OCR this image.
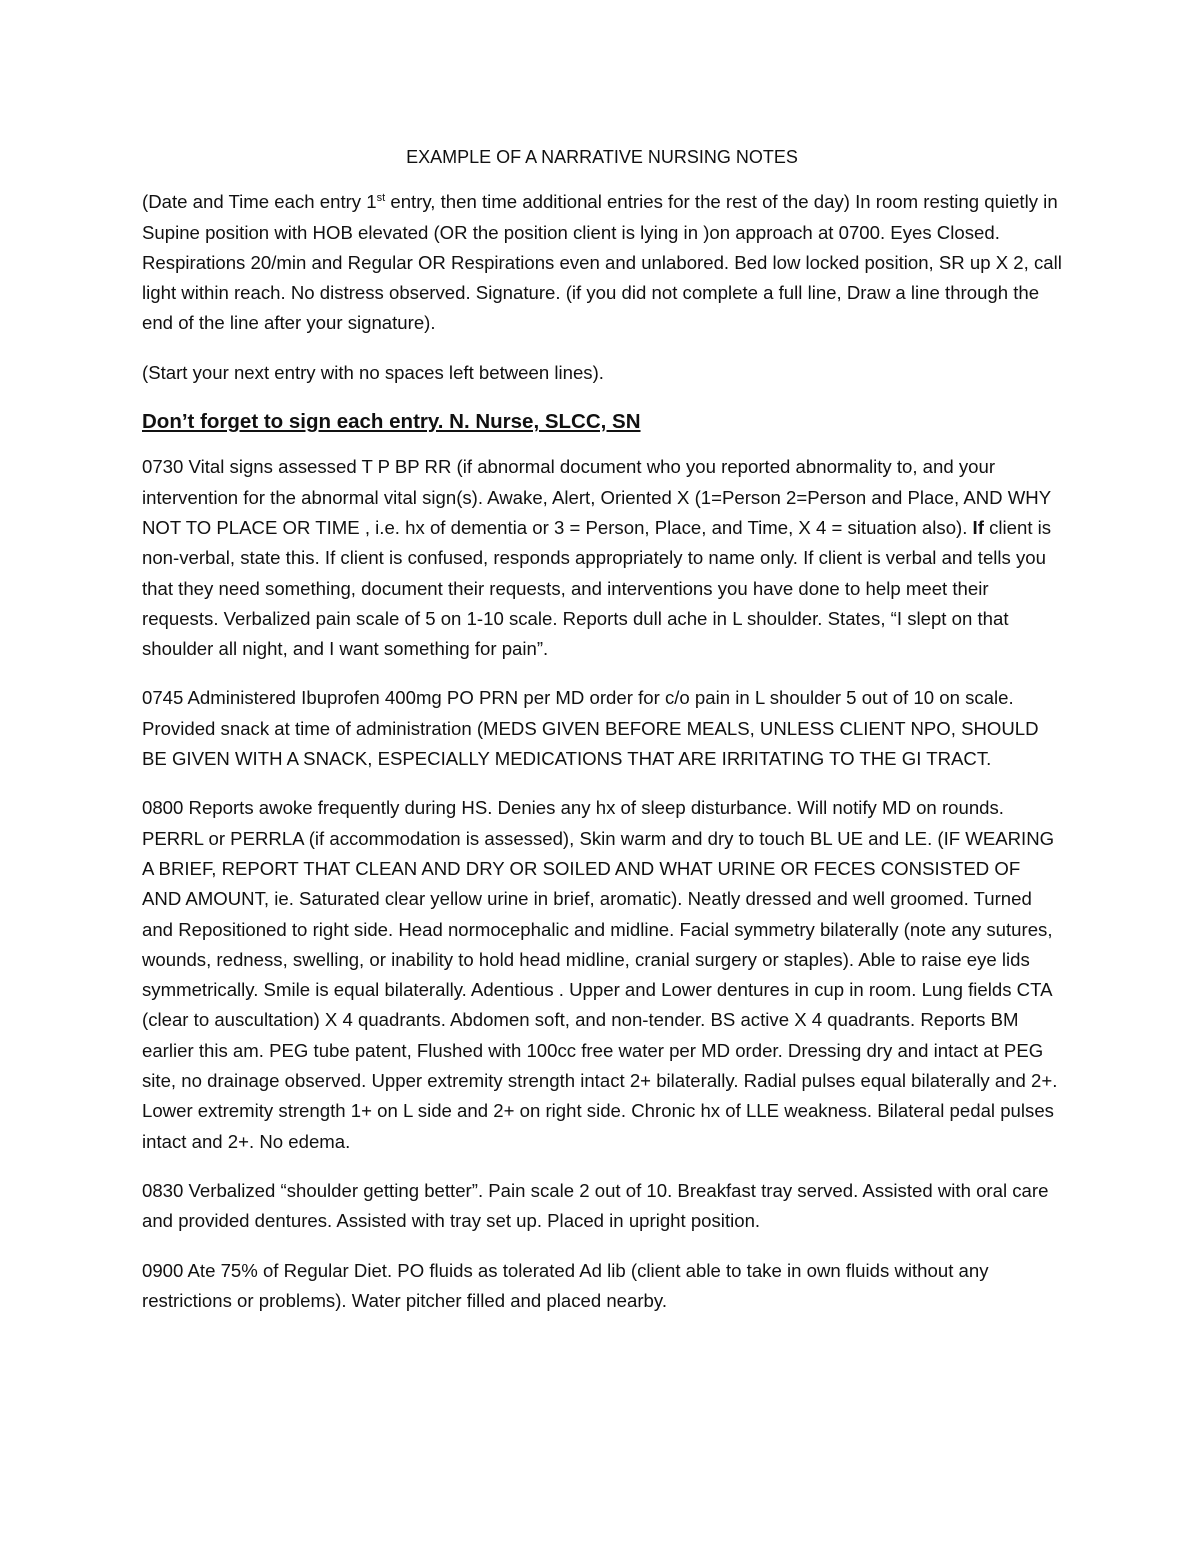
EXAMPLE OF A NARRATIVE NURSING NOTES

(Date and Time each entry 1st entry, then time additional entries for the rest of the day) In room resting quietly in Supine position with HOB elevated (OR the position client is lying in )on approach at 0700. Eyes Closed. Respirations 20/min and Regular OR Respirations even and unlabored. Bed low locked position, SR up X 2, call light within reach. No distress observed. Signature. (if you did not complete a full line, Draw a line through the end of the line after your signature).

(Start your next entry with no spaces left between lines).

Don’t forget to sign each entry. N. Nurse, SLCC, SN

0730 Vital signs assessed T P BP RR (if abnormal document who you reported abnormality to, and your intervention for the abnormal vital sign(s). Awake, Alert, Oriented X (1=Person 2=Person and Place, AND WHY NOT TO PLACE OR TIME , i.e. hx of dementia or 3 = Person, Place, and Time, X 4 = situation also). If client is non-verbal, state this. If client is confused, responds appropriately to name only. If client is verbal and tells you that they need something, document their requests, and interventions you have done to help meet their requests. Verbalized pain scale of 5 on 1-10 scale. Reports dull ache in L shoulder. States, “I slept on that shoulder all night, and I want something for pain”.

0745 Administered Ibuprofen 400mg PO PRN per MD order for c/o pain in L shoulder 5 out of 10 on scale. Provided snack at time of administration (MEDS GIVEN BEFORE MEALS, UNLESS CLIENT NPO, SHOULD BE GIVEN WITH A SNACK, ESPECIALLY MEDICATIONS THAT ARE IRRITATING TO THE GI TRACT.

0800 Reports awoke frequently during HS. Denies any hx of sleep disturbance. Will notify MD on rounds. PERRL or PERRLA (if accommodation is assessed), Skin warm and dry to touch BL UE and LE. (IF WEARING A BRIEF, REPORT THAT CLEAN AND DRY OR SOILED AND WHAT URINE OR FECES CONSISTED OF AND AMOUNT, ie. Saturated clear yellow urine in brief, aromatic). Neatly dressed and well groomed. Turned and Repositioned to right side. Head normocephalic and midline. Facial symmetry bilaterally (note any sutures, wounds, redness, swelling, or inability to hold head midline, cranial surgery or staples). Able to raise eye lids symmetrically. Smile is equal bilaterally. Adentious . Upper and Lower dentures in cup in room. Lung fields CTA (clear to auscultation) X 4 quadrants. Abdomen soft, and non-tender. BS active X 4 quadrants. Reports BM earlier this am. PEG tube patent, Flushed with 100cc free water per MD order. Dressing dry and intact at PEG site, no drainage observed. Upper extremity strength intact 2+ bilaterally. Radial pulses equal bilaterally and 2+. Lower extremity strength 1+ on L side and 2+ on right side. Chronic hx of LLE weakness. Bilateral pedal pulses intact and 2+. No edema.

0830 Verbalized “shoulder getting better”. Pain scale 2 out of 10. Breakfast tray served. Assisted with oral care and provided dentures. Assisted with tray set up. Placed in upright position.

0900 Ate 75% of Regular Diet. PO fluids as tolerated Ad lib (client able to take in own fluids without any restrictions or problems). Water pitcher filled and placed nearby.
